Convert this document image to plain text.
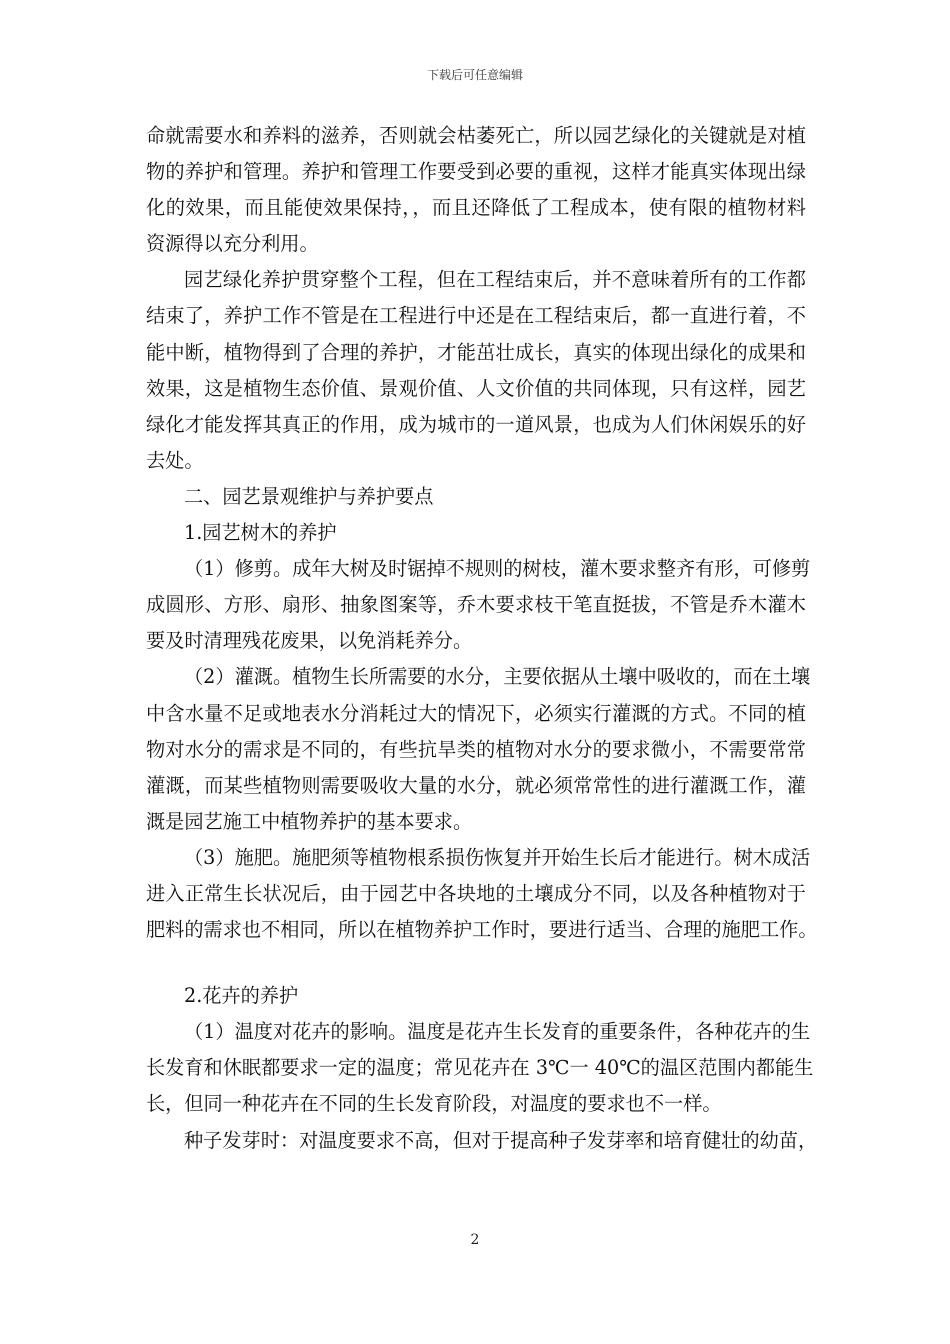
下载后可任意编辑
命就需要水和养料的滋养，否则就会枯萎死亡，所以园艺绿化的关键就是对植
物的养护和管理。养护和管理工作要受到必要的重视，这样才能真实体现出绿
化的效果，而且能使效果保持，，而且还降低了工程成本，使有限的植物材料
资源得以充分利用。
园艺绿化养护贯穿整个工程，但在工程结束后，并不意味着所有的工作都
结束了，养护工作不管是在工程进行中还是在工程结束后，都一直进行着，不
能中断，植物得到了合理的养护，才能茁壮成长，真实的体现出绿化的成果和
效果，这是植物生态价值、景观价值、人文价值的共同体现，只有这样，园艺
绿化才能发挥其真正的作用，成为城市的一道风景，也成为人们休闲娱乐的好
去处。
二、园艺景观维护与养护要点
1.园艺树木的养护
（1）修剪。成年大树及时锯掉不规则的树枝，灌木要求整齐有形，可修剪
成圆形、方形、扇形、抽象图案等，乔木要求枝干笔直挺拔，不管是乔木灌木
要及时清理残花废果，以免消耗养分。
（2）灌溉。植物生长所需要的水分，主要依据从土壤中吸收的，而在土壤
中含水量不足或地表水分消耗过大的情况下，必须实行灌溉的方式。不同的植
物对水分的需求是不同的，有些抗旱类的植物对水分的要求微小，不需要常常
灌溉，而某些植物则需要吸收大量的水分，就必须常常性的进行灌溉工作，灌
溉是园艺施工中植物养护的基本要求。
（3）施肥。施肥须等植物根系损伤恢复并开始生长后才能进行。树木成活
进入正常生长状况后，由于园艺中各块地的土壤成分不同，以及各种植物对于
肥料的需求也不相同，所以在植物养护工作时，要进行适当、合理的施肥工作。
2.花卉的养护
（1）温度对花卉的影响。温度是花卉生长发育的重要条件，各种花卉的生
长发育和休眠都要求一定的温度；常见花卉在 3℃一 40℃的温区范围内都能生
长，但同一种花卉在不同的生长发育阶段，对温度的要求也不一样。
种子发芽时：对温度要求不高，但对于提高种子发芽率和培育健壮的幼苗，
2
